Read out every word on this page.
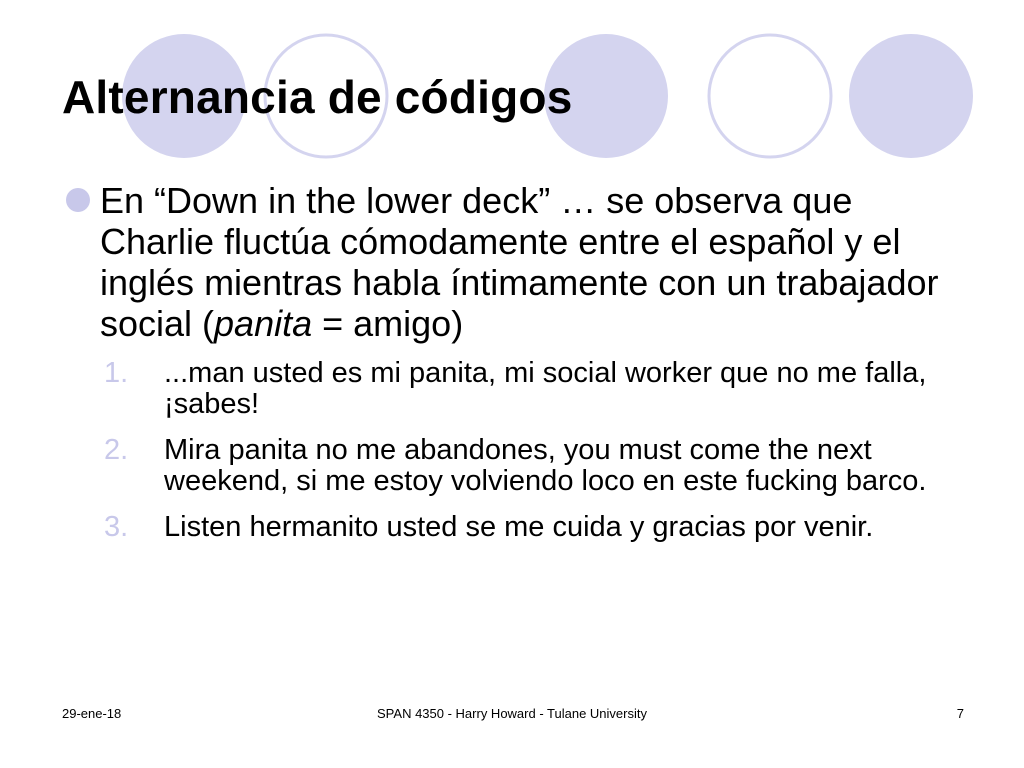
Alternancia de códigos
En “Down in the lower deck” … se observa que Charlie fluctúa cómodamente entre el español y el inglés mientras habla íntimamente con un trabajador social (panita = amigo)
1. ...man usted es mi panita, mi social worker que no me falla, ¡sabes!
2. Mira panita no me abandones, you must come the next weekend, si me estoy volviendo loco en este fucking barco.
3. Listen hermanito usted se me cuida y gracias por venir.
29-ene-18	SPAN 4350 - Harry Howard - Tulane University	7
